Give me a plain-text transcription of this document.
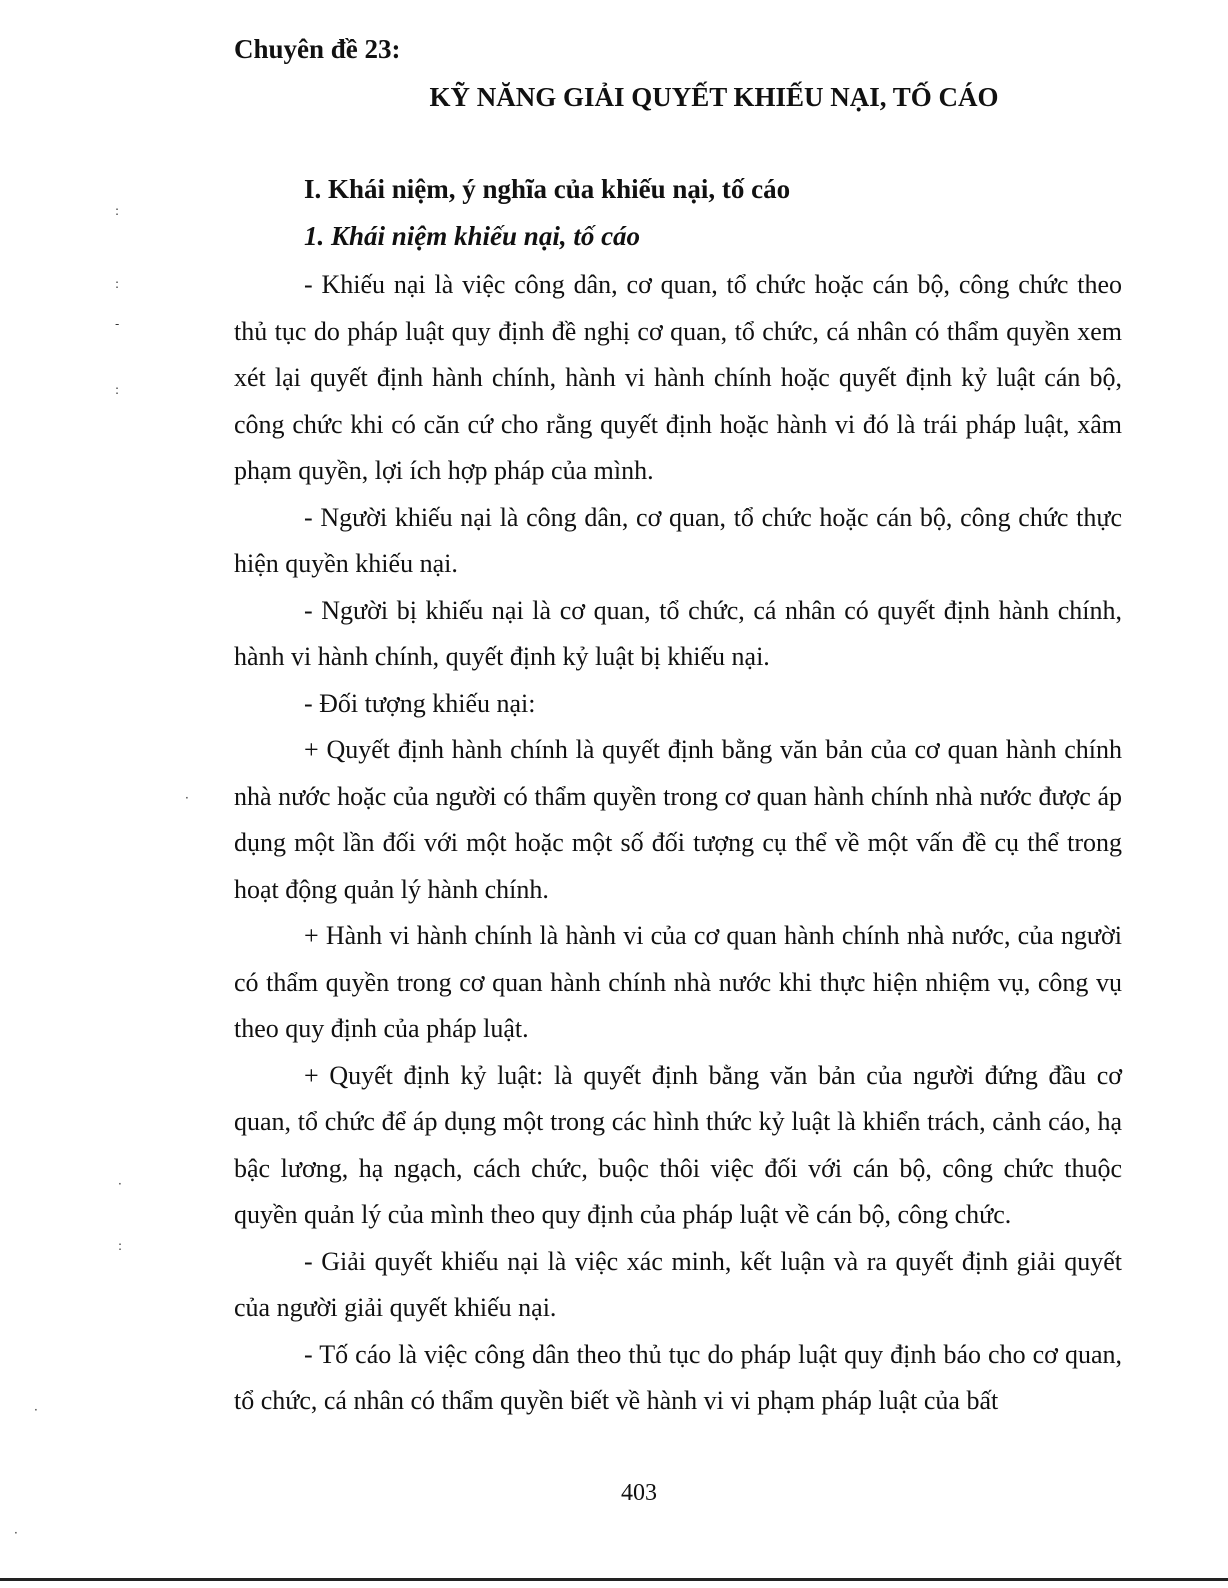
Chuyên đề 23:
KỸ NĂNG GIẢI QUYẾT KHIẾU NẠI, TỐ CÁO
I. Khái niệm, ý nghĩa của khiếu nại, tố cáo
1. Khái niệm khiếu nại, tố cáo

- Khiếu nại là việc công dân, cơ quan, tổ chức hoặc cán bộ, công chức theo thủ tục do pháp luật quy định đề nghị cơ quan, tổ chức, cá nhân có thẩm quyền xem xét lại quyết định hành chính, hành vi hành chính hoặc quyết định kỷ luật cán bộ, công chức khi có căn cứ cho rằng quyết định hoặc hành vi đó là trái pháp luật, xâm phạm quyền, lợi ích hợp pháp của mình.

- Người khiếu nại là công dân, cơ quan, tổ chức hoặc cán bộ, công chức thực hiện quyền khiếu nại.

- Người bị khiếu nại là cơ quan, tổ chức, cá nhân có quyết định hành chính, hành vi hành chính, quyết định kỷ luật bị khiếu nại.

- Đối tượng khiếu nại:

+ Quyết định hành chính là quyết định bằng văn bản của cơ quan hành chính nhà nước hoặc của người có thẩm quyền trong cơ quan hành chính nhà nước được áp dụng một lần đối với một hoặc một số đối tượng cụ thể về một vấn đề cụ thể trong hoạt động quản lý hành chính.

+ Hành vi hành chính là hành vi của cơ quan hành chính nhà nước, của người có thẩm quyền trong cơ quan hành chính nhà nước khi thực hiện nhiệm vụ, công vụ theo quy định của pháp luật.

+ Quyết định kỷ luật: là quyết định bằng văn bản của người đứng đầu cơ quan, tổ chức để áp dụng một trong các hình thức kỷ luật là khiển trách, cảnh cáo, hạ bậc lương, hạ ngạch, cách chức, buộc thôi việc đối với cán bộ, công chức thuộc quyền quản lý của mình theo quy định của pháp luật về cán bộ, công chức.

- Giải quyết khiếu nại là việc xác minh, kết luận và ra quyết định giải quyết của người giải quyết khiếu nại.

- Tố cáo là việc công dân theo thủ tục do pháp luật quy định báo cho cơ quan, tổ chức, cá nhân có thẩm quyền biết về hành vi vi phạm pháp luật của bất

403
:
:
-
:
·
·
:
·
·
